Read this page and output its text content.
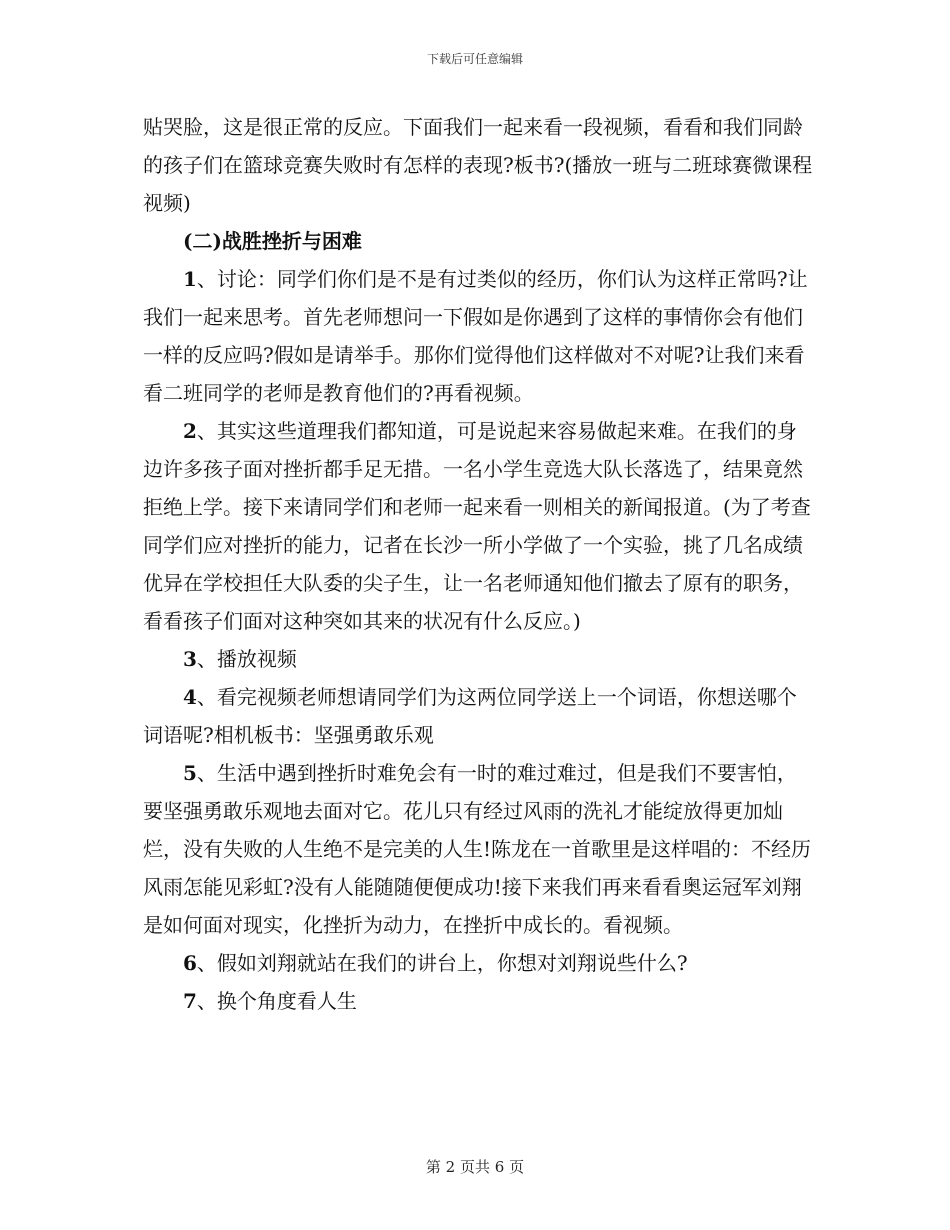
下载后可任意编辑

贴哭脸，这是很正常的反应。下面我们一起来看一段视频，看看和我们同龄的孩子们在篮球竞赛失败时有怎样的表现?板书?(播放一班与二班球赛微课程视频)

(二)战胜挫折与困难

1、讨论：同学们你们是不是有过类似的经历，你们认为这样正常吗?让我们一起来思考。首先老师想问一下假如是你遇到了这样的事情你会有他们一样的反应吗?假如是请举手。那你们觉得他们这样做对不对呢?让我们来看看二班同学的老师是教育他们的?再看视频。

2、其实这些道理我们都知道，可是说起来容易做起来难。在我们的身边许多孩子面对挫折都手足无措。一名小学生竞选大队长落选了，结果竟然拒绝上学。接下来请同学们和老师一起来看一则相关的新闻报道。(为了考查同学们应对挫折的能力，记者在长沙一所小学做了一个实验，挑了几名成绩优异在学校担任大队委的尖子生，让一名老师通知他们撤去了原有的职务，看看孩子们面对这种突如其来的状况有什么反应。)

3、播放视频

4、看完视频老师想请同学们为这两位同学送上一个词语，你想送哪个词语呢?相机板书：坚强勇敢乐观

5、生活中遇到挫折时难免会有一时的难过难过，但是我们不要害怕，要坚强勇敢乐观地去面对它。花儿只有经过风雨的洗礼才能绽放得更加灿烂，没有失败的人生绝不是完美的人生!陈龙在一首歌里是这样唱的：不经历风雨怎能见彩虹?没有人能随随便便成功!接下来我们再来看看奥运冠军刘翔是如何面对现实，化挫折为动力，在挫折中成长的。看视频。

6、假如刘翔就站在我们的讲台上，你想对刘翔说些什么?

7、换个角度看人生

第 2 页共 6 页
